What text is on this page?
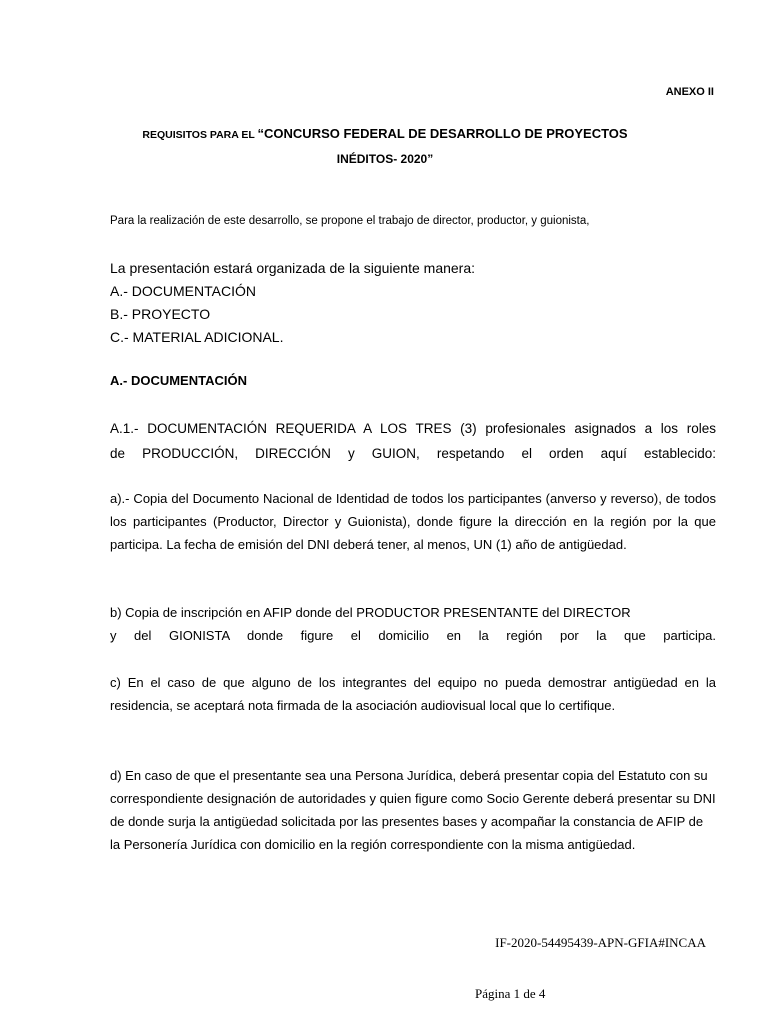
ANEXO II
REQUISITOS PARA EL “CONCURSO FEDERAL DE DESARROLLO DE PROYECTOS
INÉDITOS- 2020”
Para la realización de este desarrollo, se propone el trabajo de director, productor, y guionista,
La presentación estará organizada de la siguiente manera:
A.- DOCUMENTACIÓN
B.- PROYECTO
C.- MATERIAL ADICIONAL.
A.- DOCUMENTACIÓN

A.1.- DOCUMENTACIÓN REQUERIDA A LOS TRES (3) profesionales asignados a los roles

de PRODUCCIÓN, DIRECCIÓN y GUION, respetando el orden aquí establecido:

a).- Copia del Documento Nacional de Identidad de todos los participantes (anverso y reverso), de todos los participantes (Productor, Director y Guionista), donde figure la dirección en la región por la que participa. La fecha de emisión del DNI deberá tener, al menos, UN (1) año de antigüedad.

b) Copia de inscripción en AFIP donde del PRODUCTOR PRESENTANTE del DIRECTOR

y del GIONISTA donde figure el domicilio en la región por la que participa.

c) En el caso de que alguno de los integrantes del equipo no pueda demostrar antigüedad en la residencia, se aceptará nota firmada de la asociación audiovisual local que lo certifique.

d) En caso de que el presentante sea una Persona Jurídica, deberá presentar copia del Estatuto con su correspondiente designación de autoridades y quien figure como Socio Gerente deberá presentar su DNI de donde surja la antigüedad solicitada por las presentes bases y acompañar la constancia de AFIP de la Personería Jurídica con domicilio en la región correspondiente con la misma antigüedad.

IF-2020-54495439-APN-GFIA#INCAA
Página 1 de 4
